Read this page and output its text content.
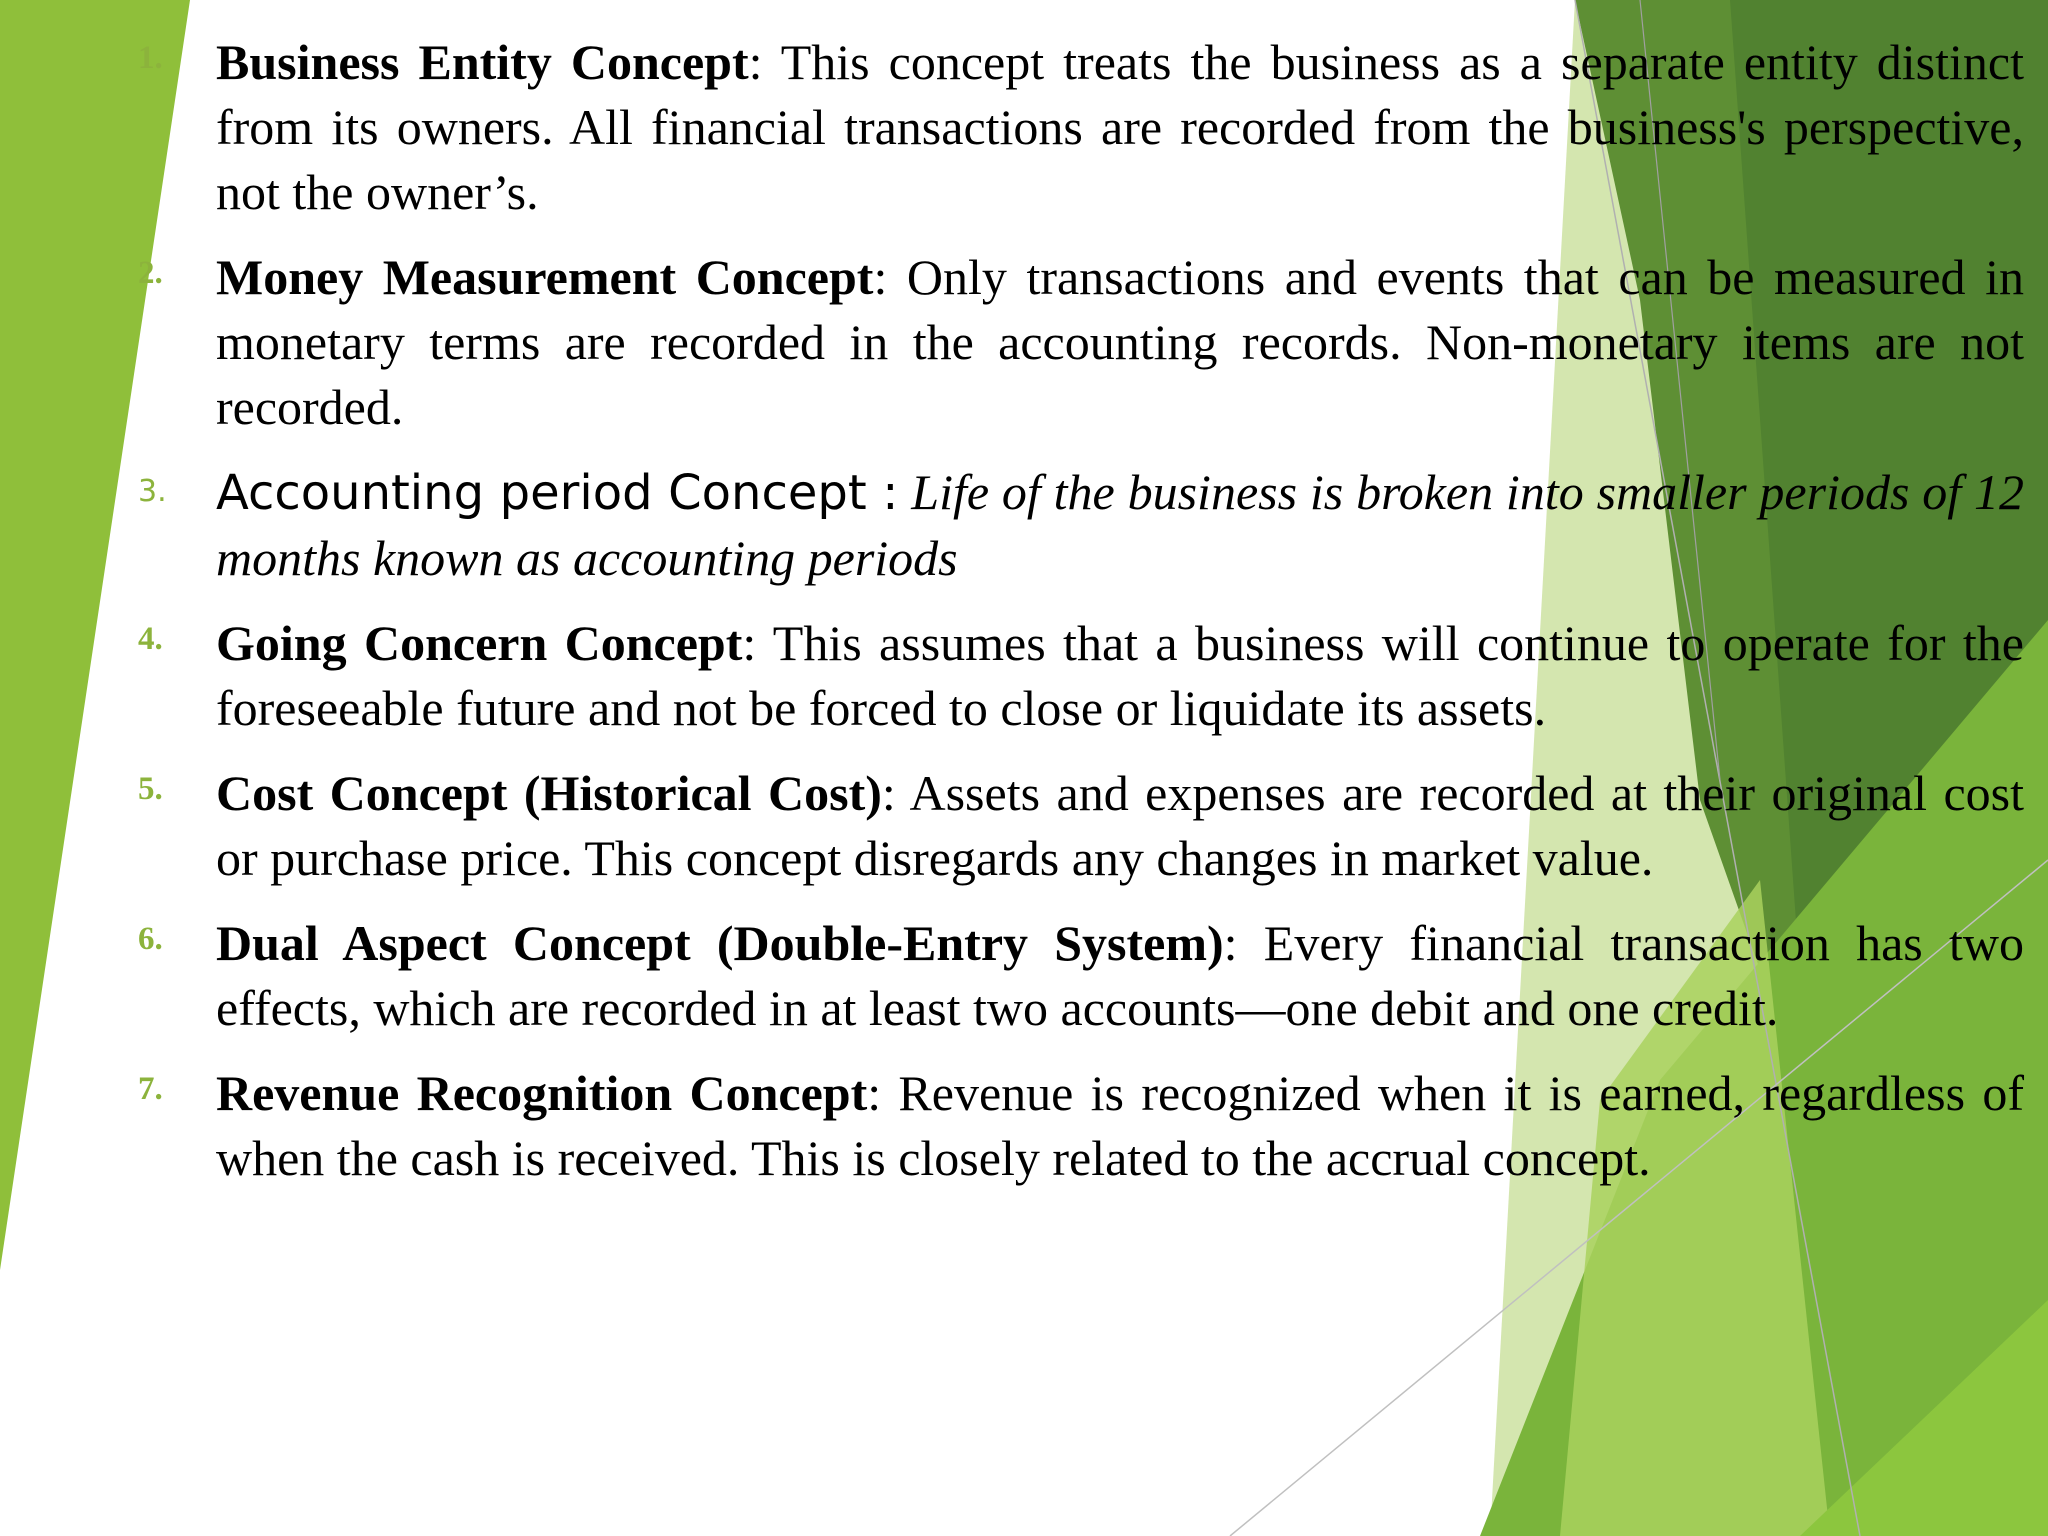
1.	Business Entity Concept: This concept treats the business as a separate entity distinct from its owners. All financial transactions are recorded from the business's perspective, not the owner’s.
2.	Money Measurement Concept: Only transactions and events that can be measured in monetary terms are recorded in the accounting records. Non-monetary items are not recorded.
3. Accounting period Concept : Life of the business is broken into smaller periods of 12 months known as accounting periods
4.	Going Concern Concept: This assumes that a business will continue to operate for the foreseeable future and not be forced to close or liquidate its assets.
5.	Cost Concept (Historical Cost): Assets and expenses are recorded at their original cost or purchase price. This concept disregards any changes in market value.
6.	Dual Aspect Concept (Double-Entry System): Every financial transaction has two effects, which are recorded in at least two accounts—one debit and one credit.
7.	Revenue Recognition Concept: Revenue is recognized when it is earned, regardless of when the cash is received. This is closely related to the accrual concept.
